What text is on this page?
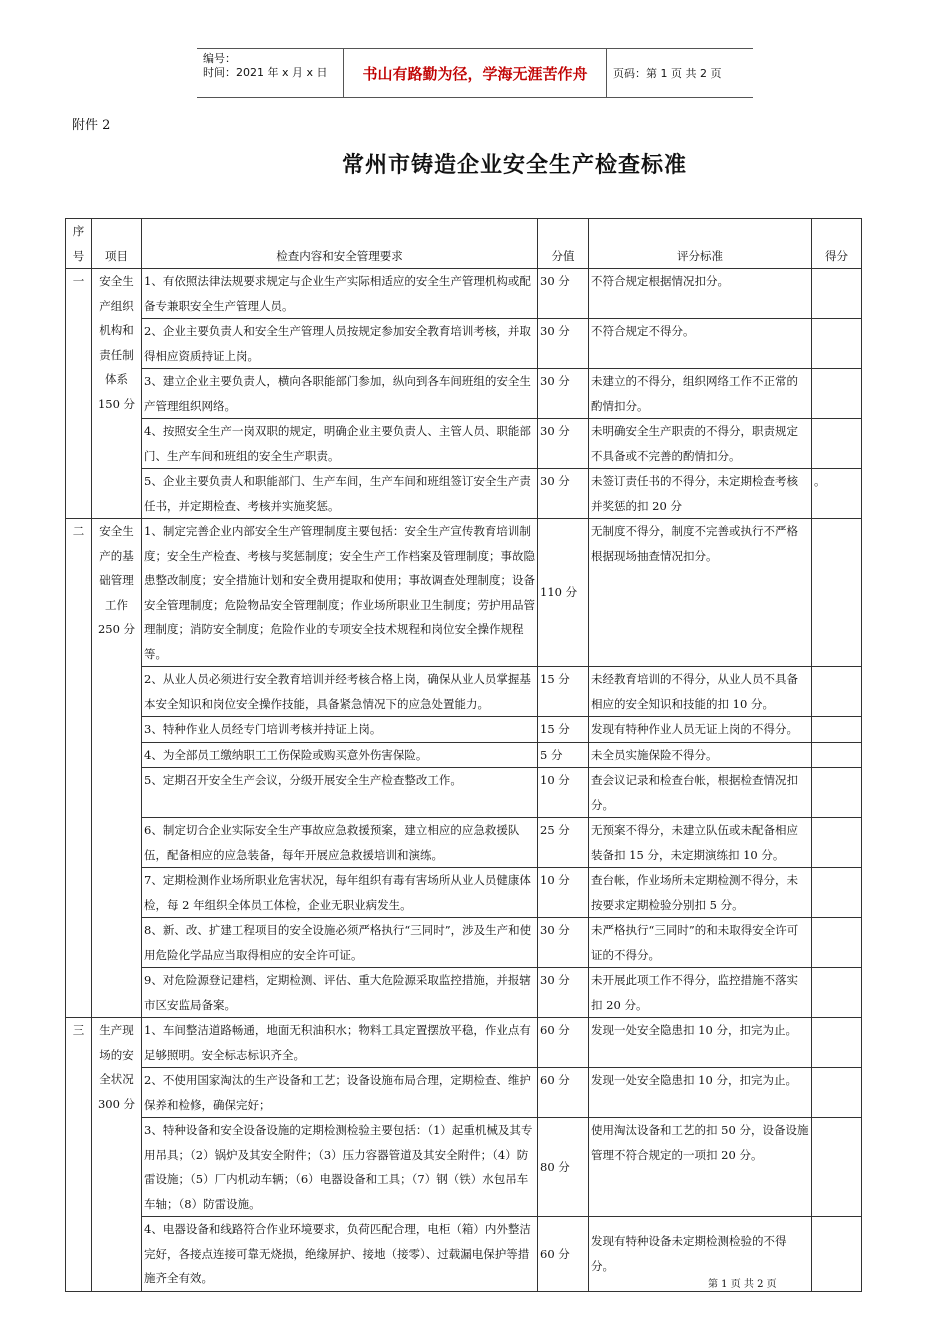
编号：
时间：2021 年 x 月 x 日	书山有路勤为径，学海无涯苦作舟	页码：第 1 页 共 2 页
附件 2
常州市铸造企业安全生产检查标准
序号	项目	检查内容和安全管理要求	分值	评分标准	得分
一	安全生产组织机构和责任制体系 150 分	1、有依照法律法规要求规定与企业生产实际相适应的安全生产管理机构或配备专兼职安全生产管理人员。	30 分	不符合规定根据情况扣分。	
		2、企业主要负责人和安全生产管理人员按规定参加安全教育培训考核，并取得相应资质持证上岗。	30 分	不符合规定不得分。	
		3、建立企业主要负责人，横向各职能部门参加，纵向到各车间班组的安全生产管理组织网络。	30 分	未建立的不得分，组织网络工作不正常的酌情扣分。	
		4、按照安全生产一岗双职的规定，明确企业主要负责人、主管人员、职能部门、生产车间和班组的安全生产职责。	30 分	未明确安全生产职责的不得分，职责规定不具备或不完善的酌情扣分。	
		5、企业主要负责人和职能部门、生产车间，生产车间和班组签订安全生产责任书，并定期检查、考核并实施奖惩。	30 分	未签订责任书的不得分，未定期检查考核并奖惩的扣 20 分	。
二	安全生产的基础管理工作 250 分	1、制定完善企业内部安全生产管理制度主要包括：安全生产宣传教育培训制度；安全生产检查、考核与奖惩制度；安全生产工作档案及管理制度；事故隐患整改制度；安全措施计划和安全费用提取和使用；事故调查处理制度；设备安全管理制度；危险物品安全管理制度；作业场所职业卫生制度；劳护用品管理制度；消防安全制度；危险作业的专项安全技术规程和岗位安全操作规程等。	110 分	无制度不得分，制度不完善或执行不严格根据现场抽查情况扣分。	
		2、从业人员必须进行安全教育培训并经考核合格上岗，确保从业人员掌握基本安全知识和岗位安全操作技能，具备紧急情况下的应急处置能力。	15 分	未经教育培训的不得分，从业人员不具备相应的安全知识和技能的扣 10 分。	
		3、特种作业人员经专门培训考核并持证上岗。	15 分	发现有特种作业人员无证上岗的不得分。	
		4、为全部员工缴纳职工工伤保险或购买意外伤害保险。	5 分	未全员实施保险不得分。	
		5、定期召开安全生产会议，分级开展安全生产检查整改工作。	10 分	查会议记录和检查台帐，根据检查情况扣分。	
		6、制定切合企业实际安全生产事故应急救援预案，建立相应的应急救援队伍，配备相应的应急装备，每年开展应急救援培训和演练。	25 分	无预案不得分，未建立队伍或未配备相应装备扣 15 分，未定期演练扣 10 分。	
		7、定期检测作业场所职业危害状况，每年组织有毒有害场所从业人员健康体检，每 2 年组织全体员工体检，企业无职业病发生。	10 分	查台帐，作业场所未定期检测不得分，未按要求定期检验分别扣 5 分。	
		8、新、改、扩建工程项目的安全设施必须严格执行“三同时”，涉及生产和使用危险化学品应当取得相应的安全许可证。	30 分	未严格执行“三同时”的和未取得安全许可证的不得分。	
		9、对危险源登记建档，定期检测、评估、重大危险源采取监控措施，并报辖市区安监局备案。	30 分	未开展此项工作不得分，监控措施不落实扣 20 分。	
三	生产现场的安全状况 300 分	1、车间整洁道路畅通，地面无积油积水；物料工具定置摆放平稳，作业点有足够照明。安全标志标识齐全。	60 分	发现一处安全隐患扣 10 分，扣完为止。	
		2、不使用国家淘汰的生产设备和工艺；设备设施布局合理，定期检查、维护保养和检修，确保完好；	60 分	发现一处安全隐患扣 10 分，扣完为止。	
		3、特种设备和安全设备设施的定期检测检验主要包括：（1）起重机械及其专用吊具；（2）锅炉及其安全附件；（3）压力容器管道及其安全附件；（4）防雷设施；（5）厂内机动车辆；（6）电器设备和工具；（7）钢（铁）水包吊车车轴；（8）防雷设施。	80 分	使用淘汰设备和工艺的扣 50 分，设备设施管理不符合规定的一项扣 20 分。	
		4、电器设备和线路符合作业环境要求，负荷匹配合理，电柜（箱）内外整洁完好，各接点连接可靠无烧损，绝缘屏护、接地（接零）、过载漏电保护等措施齐全有效。	60 分	发现有特种设备未定期检测检验的不得分。	
第 1 页 共 2 页
